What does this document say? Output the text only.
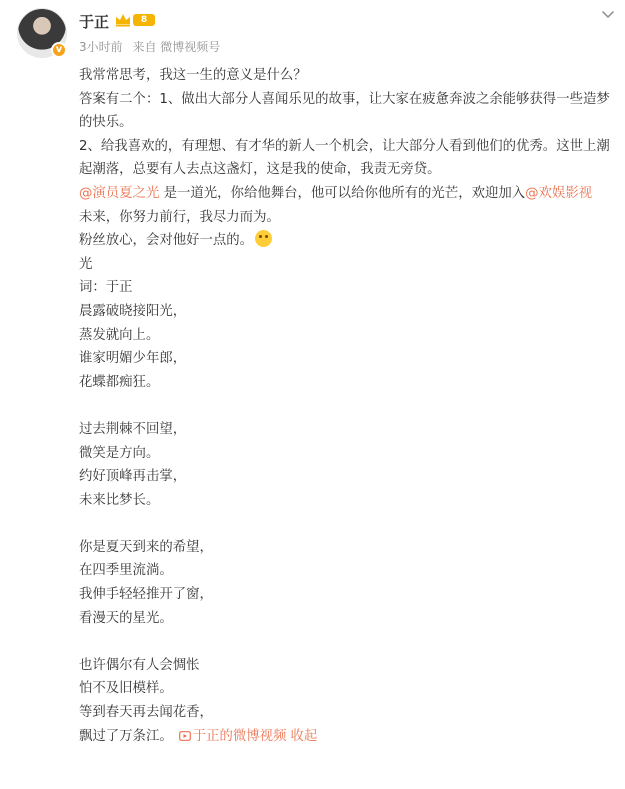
v
于正	8
3小时前 来自 微博视频号

我常常思考，我这一生的意义是什么？

答案有二个：1、做出大部分人喜闻乐见的故事，让大家在疲惫奔波之余能够获得一些造梦的快乐。

2、给我喜欢的，有理想、有才华的新人一个机会，让大部分人看到他们的优秀。这世上潮起潮落，总要有人去点这盏灯，这是我的使命，我责无旁贷。

@演员夏之光 是一道光，你给他舞台，他可以给你他所有的光芒，欢迎加入@欢娱影视

未来，你努力前行，我尽力而为。

粉丝放心，会对他好一点的。

光

词：于正

晨露破晓接阳光，

蒸发就向上。

谁家明媚少年郎，

花蝶都痴狂。

过去荆棘不回望，

微笑是方向。

约好顶峰再击掌，

未来比梦长。

你是夏天到来的希望，

在四季里流淌。

我伸手轻轻推开了窗，

看漫天的星光。

也许偶尔有人会惆怅

怕不及旧模样。

等到春天再去闻花香，

飘过了万条江。 于正的微博视频 收起
